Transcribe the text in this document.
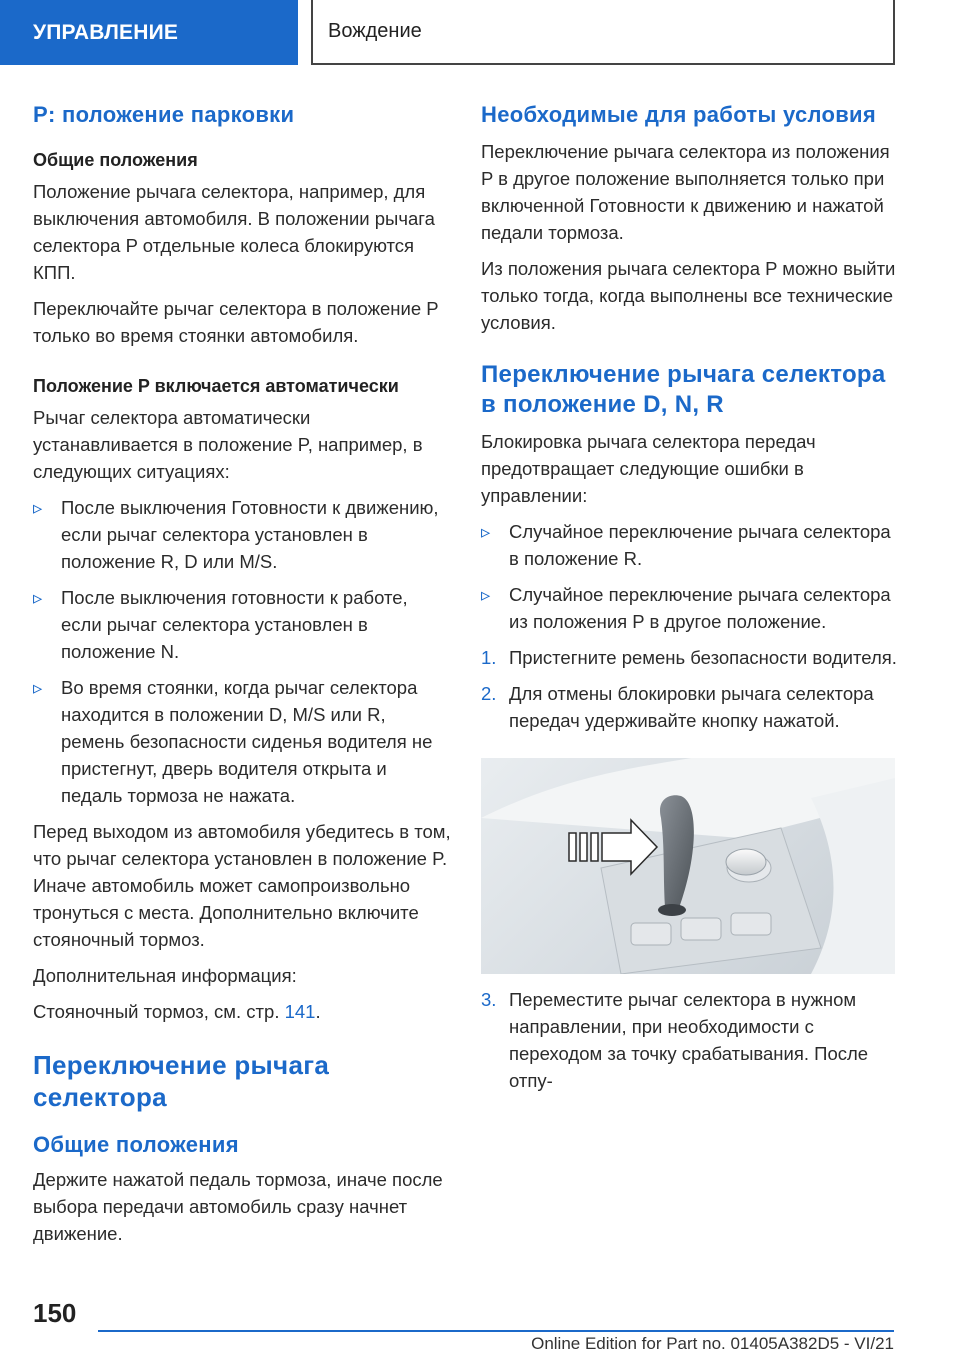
УПРАВЛЕНИЕ	Вождение
P: положение парковки
Общие положения

Положение рычага селектора, например, для выключения автомобиля. В положении рычага селектора P отдельные колеса блокируются КПП.

Переключайте рычаг селектора в положение P только во время стоянки автомобиля.

Положение P включается автоматически

Рычаг селектора автоматически устанавливается в положение P, например, в следующих ситуациях:

▹ После выключения Готовности к движению, если рычаг селектора установлен в положение R, D или M/S.
▹ После выключения готовности к работе, если рычаг селектора установлен в положение N.
▹ Во время стоянки, когда рычаг селектора находится в положении D, M/S или R, ремень безопасности сиденья водителя не пристегнут, дверь водителя открыта и педаль тормоза не нажата.

Перед выходом из автомобиля убедитесь в том, что рычаг селектора установлен в положение P. Иначе автомобиль может самопроизвольно тронуться с места. Дополнительно включите стояночный тормоз.

Дополнительная информация:

Стояночный тормоз, см. стр. 141.

Переключение рычага селектора
Общие положения

Держите нажатой педаль тормоза, иначе после выбора передачи автомобиль сразу начнет движение.

Необходимые для работы условия

Переключение рычага селектора из положения P в другое положение выполняется только при включенной Готовности к движению и нажатой педали тормоза.

Из положения рычага селектора P можно выйти только тогда, когда выполнены все технические условия.

Переключение рычага селектора в положение D, N, R

Блокировка рычага селектора передач предотвращает следующие ошибки в управлении:

▹ Случайное переключение рычага селектора в положение R.
▹ Случайное переключение рычага селектора из положения P в другое положение.
1. Пристегните ремень безопасности водителя.
2. Для отмены блокировки рычага селектора передач удерживайте кнопку нажатой.
3. Переместите рычаг селектора в нужном направлении, при необходимости с переходом за точку срабатывания. После отпу-
150
Online Edition for Part no. 01405A382D5 - VI/21
